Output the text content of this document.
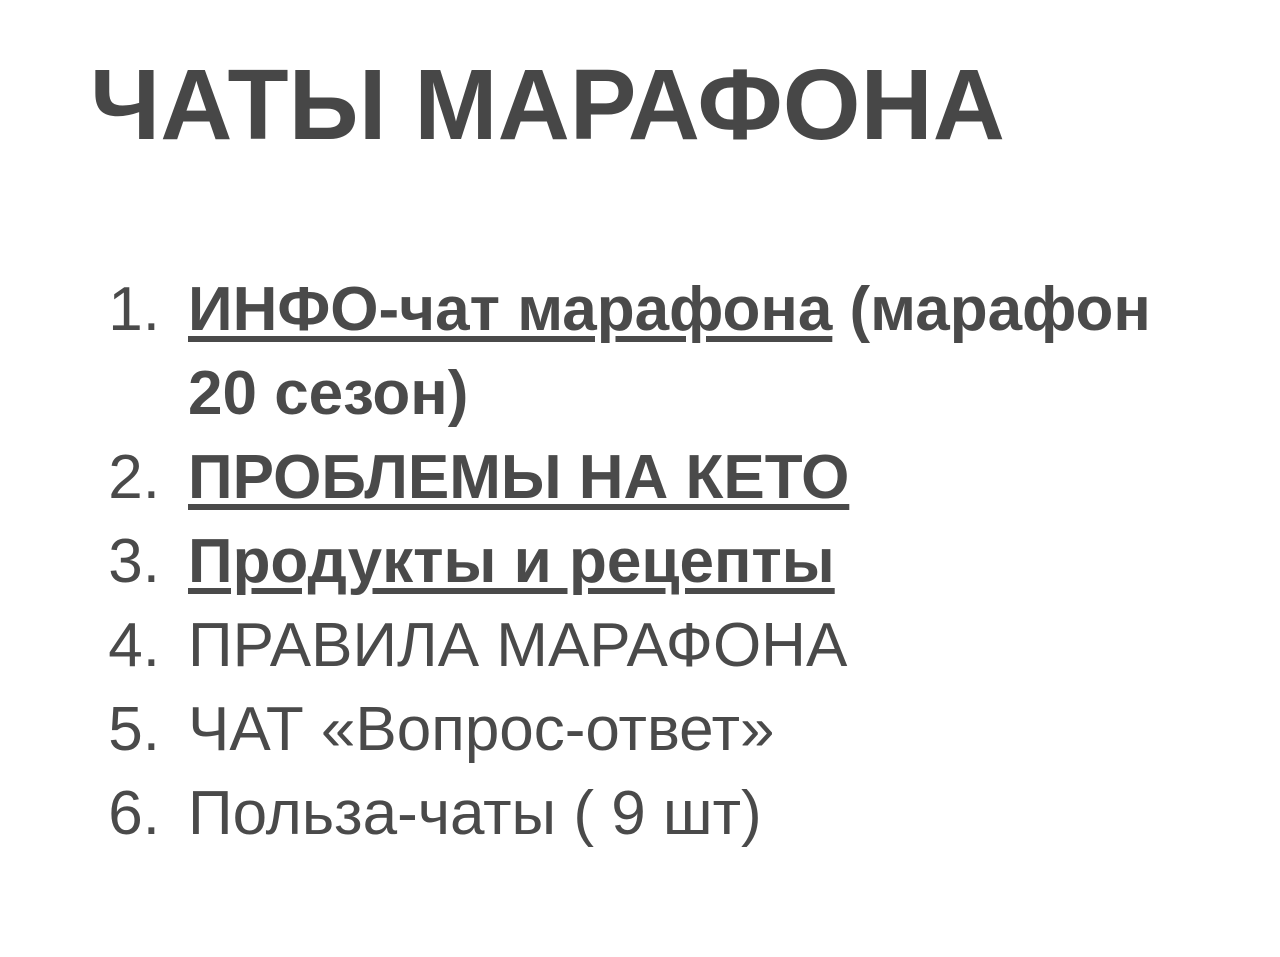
ЧАТЫ МАРАФОНА
1. ИНФО-чат марафона (марафон
20 сезон)
2. ПРОБЛЕМЫ НА КЕТО
3. Продукты и рецепты
4. ПРАВИЛА МАРАФОНА
5. ЧАТ «Вопрос-ответ»
6. Польза-чаты ( 9 шт)
